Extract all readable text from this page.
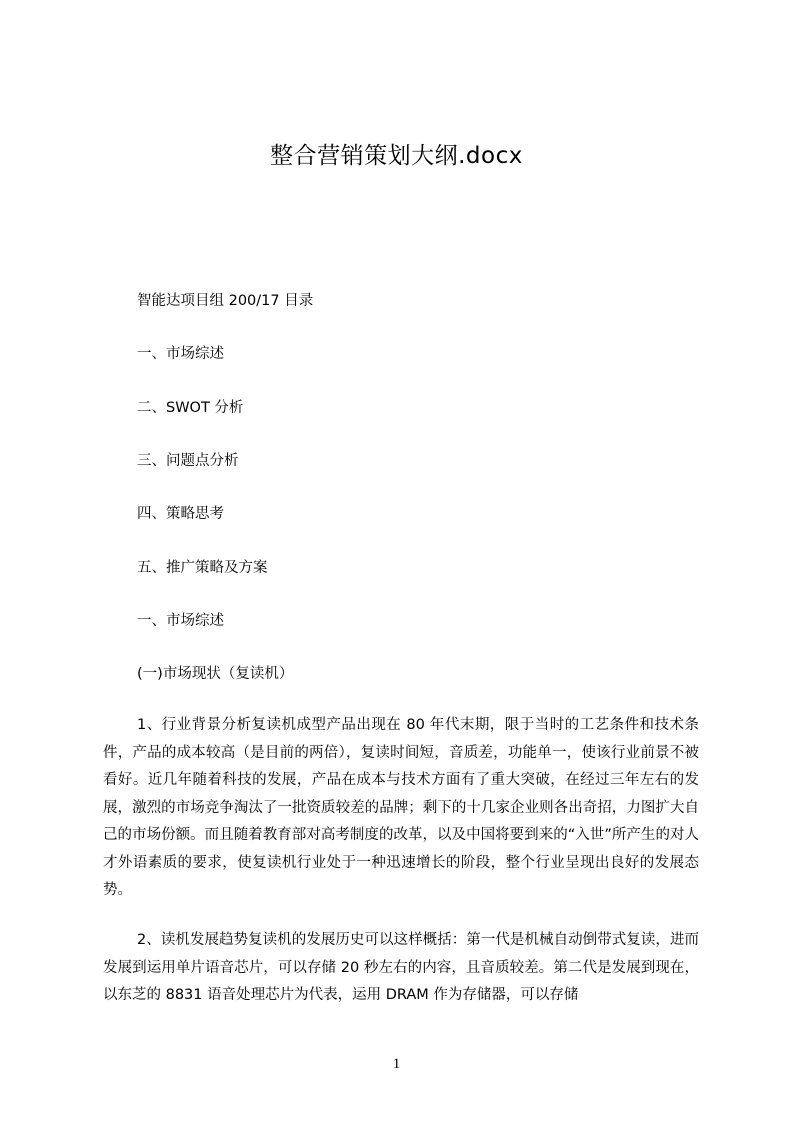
整合营销策划大纲.docx
智能达项目组 200/17 目录
一、市场综述
二、SWOT 分析
三、问题点分析
四、策略思考
五、推广策略及方案
一、市场综述
(一)市场现状（复读机）

1、行业背景分析复读机成型产品出现在 80 年代末期，限于当时的工艺条件和技术条件，产品的成本较高（是目前的两倍），复读时间短，音质差，功能单一，使该行业前景不被看好。近几年随着科技的发展，产品在成本与技术方面有了重大突破，在经过三年左右的发展，激烈的市场竞争淘汰了一批资质较差的品牌；剩下的十几家企业则各出奇招，力图扩大自己的市场份额。而且随着教育部对高考制度的改革，以及中国将要到来的“入世”所产生的对人才外语素质的要求，使复读机行业处于一种迅速增长的阶段，整个行业呈现出良好的发展态势。

2、读机发展趋势复读机的发展历史可以这样概括：第一代是机械自动倒带式复读，进而发展到运用单片语音芯片，可以存储 20 秒左右的内容，且音质较差。第二代是发展到现在，以东芝的 8831 语音处理芯片为代表，运用 DRAM 作为存储器，可以存储

1
